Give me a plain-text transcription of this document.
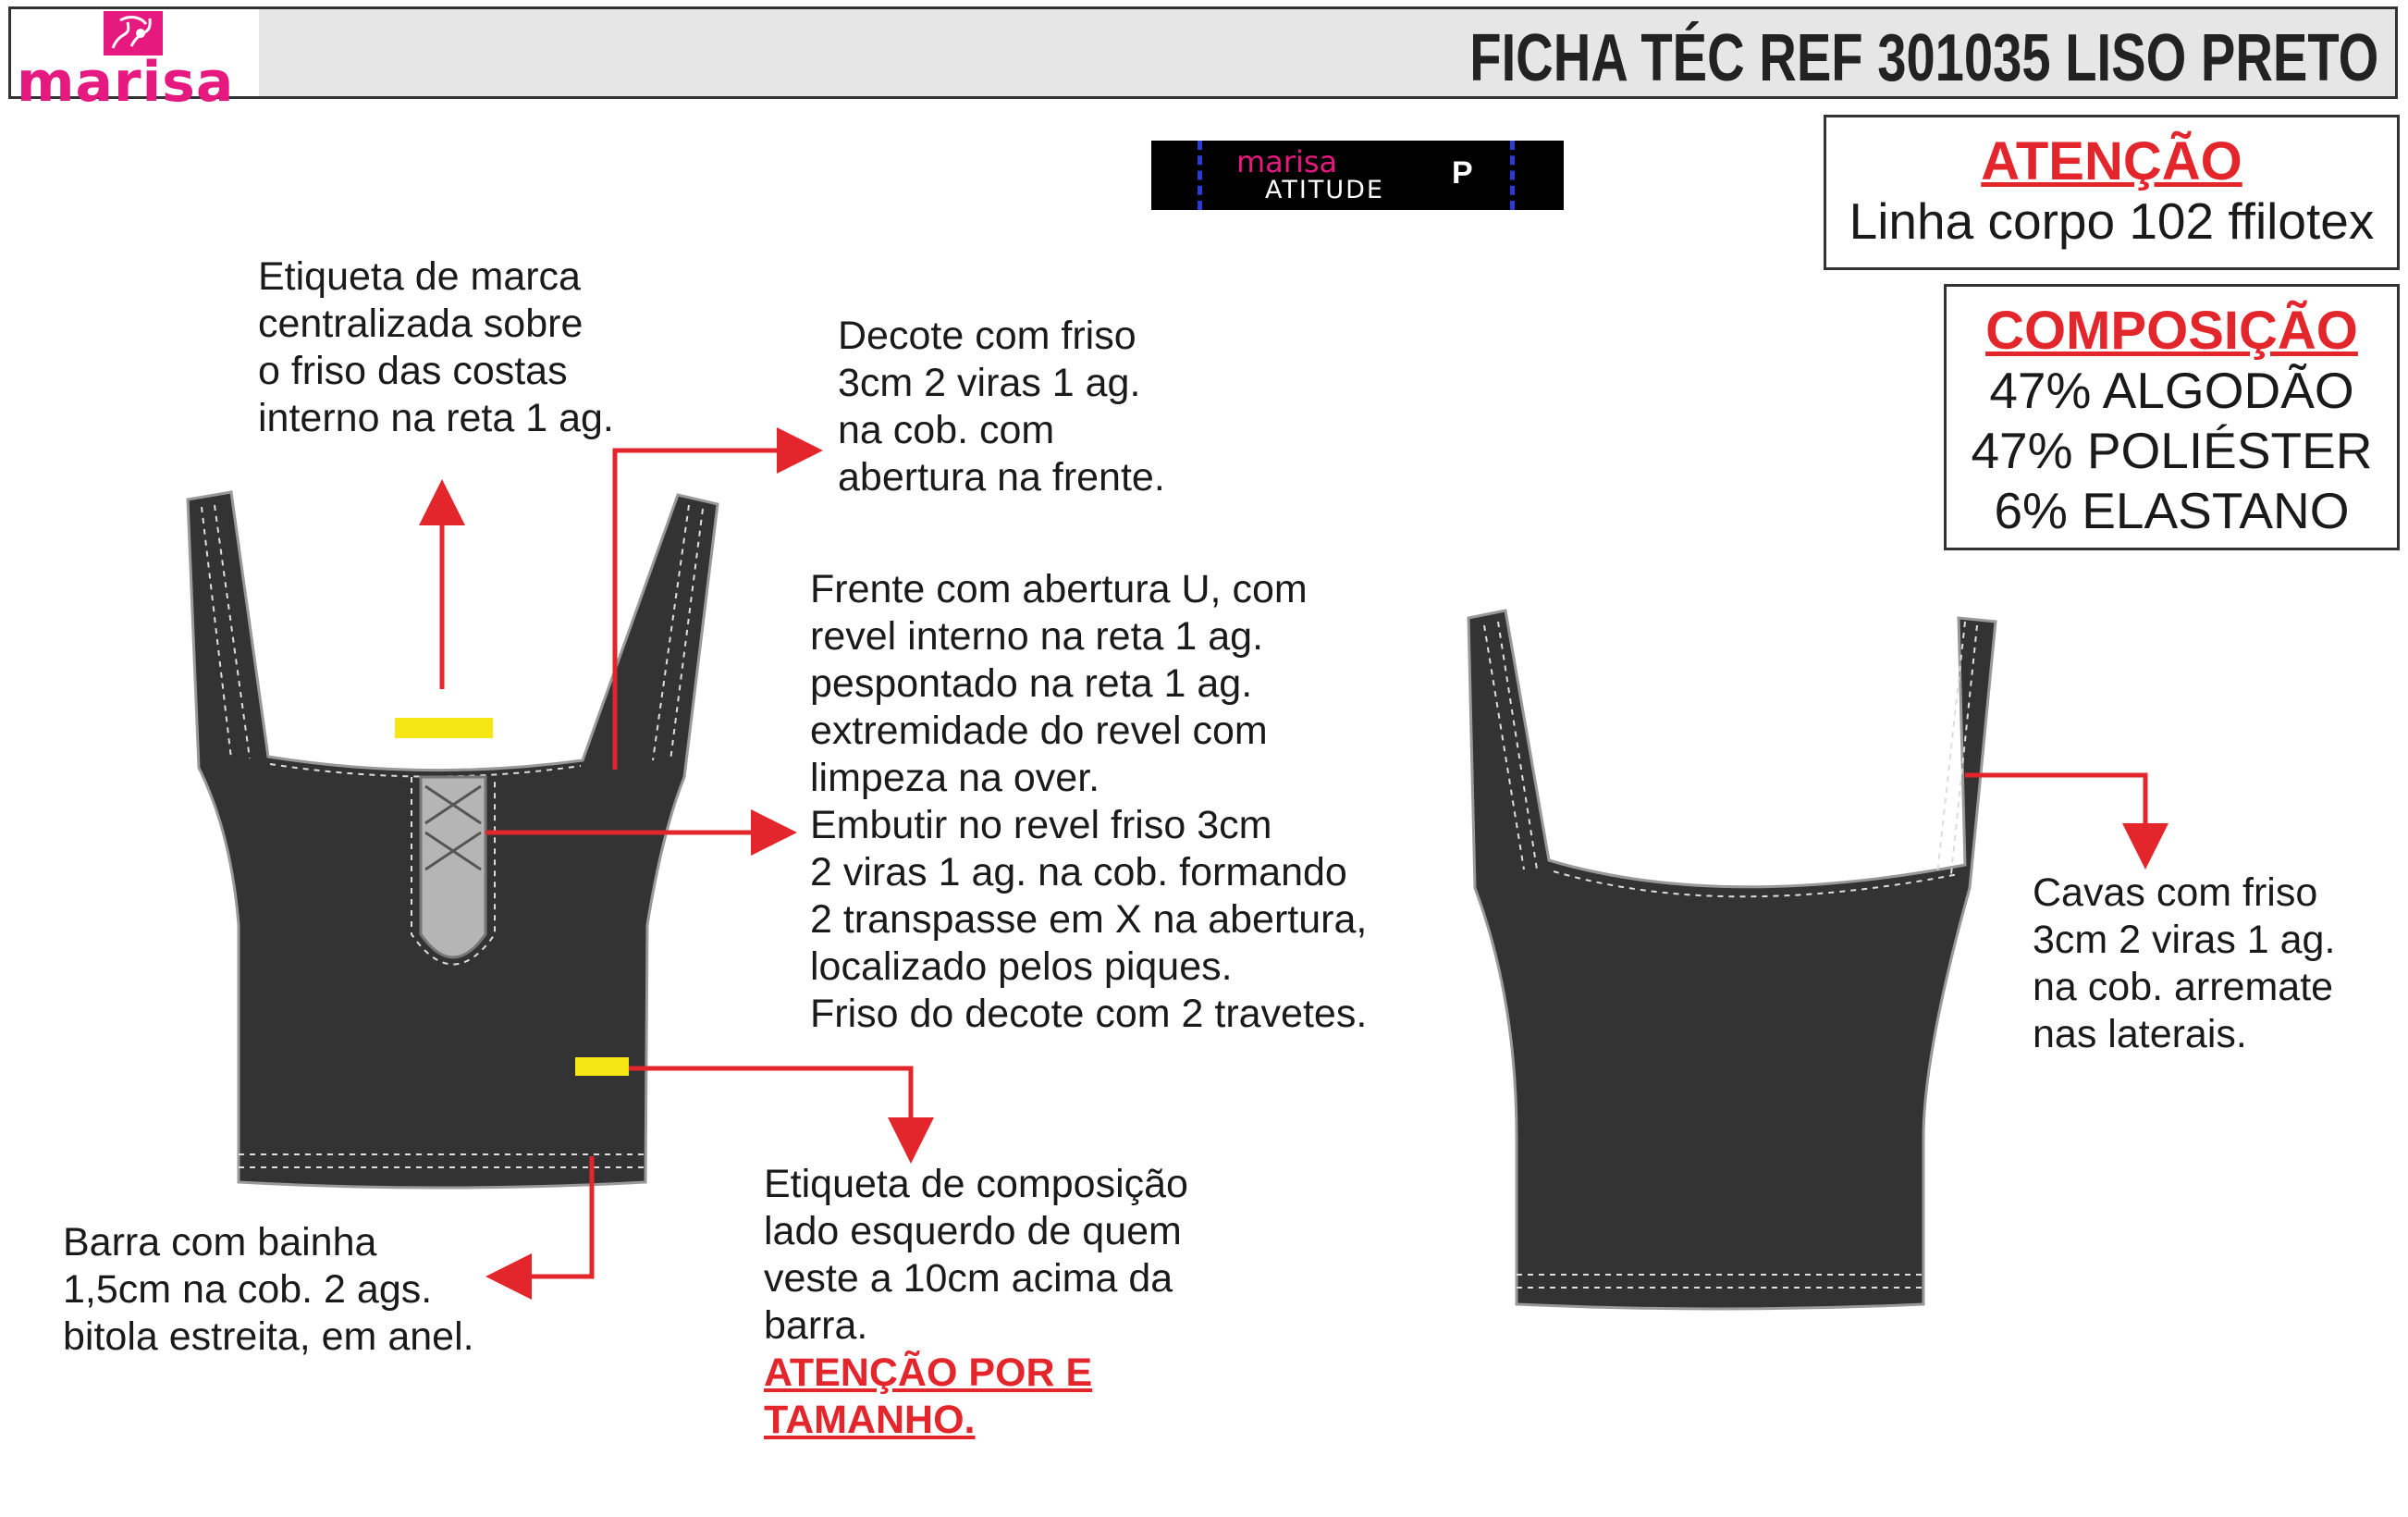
marisa	FICHA TÉC REF 301035 LISO PRETO
marisa
ATITUDE P	ATENÇÃO
Linha corpo 102 ffilotex
COMPOSIÇÃO
47% ALGODÃO
47% POLIÉSTER
6% ELASTANO
Etiqueta de marca
centralizada sobre
o friso das costas
interno na reta 1 ag.
Decote com friso
3cm 2 viras 1 ag.
na cob. com
abertura na frente.
Frente com abertura U, com
revel interno na reta 1 ag.
pespontado na reta 1 ag.
extremidade do revel com
limpeza na over.
Embutir no revel friso 3cm
2 viras 1 ag. na cob. formando
2 transpasse em X na abertura,
localizado pelos piques.
Friso do decote com 2 travetes.
Cavas com friso
3cm 2 viras 1 ag.
na cob. arremate
nas laterais.
Barra com bainha
1,5cm na cob. 2 ags.
bitola estreita, em anel.
Etiqueta de composição
lado esquerdo de quem
veste a 10cm acima da
barra.
ATENÇÃO POR E
TAMANHO.
